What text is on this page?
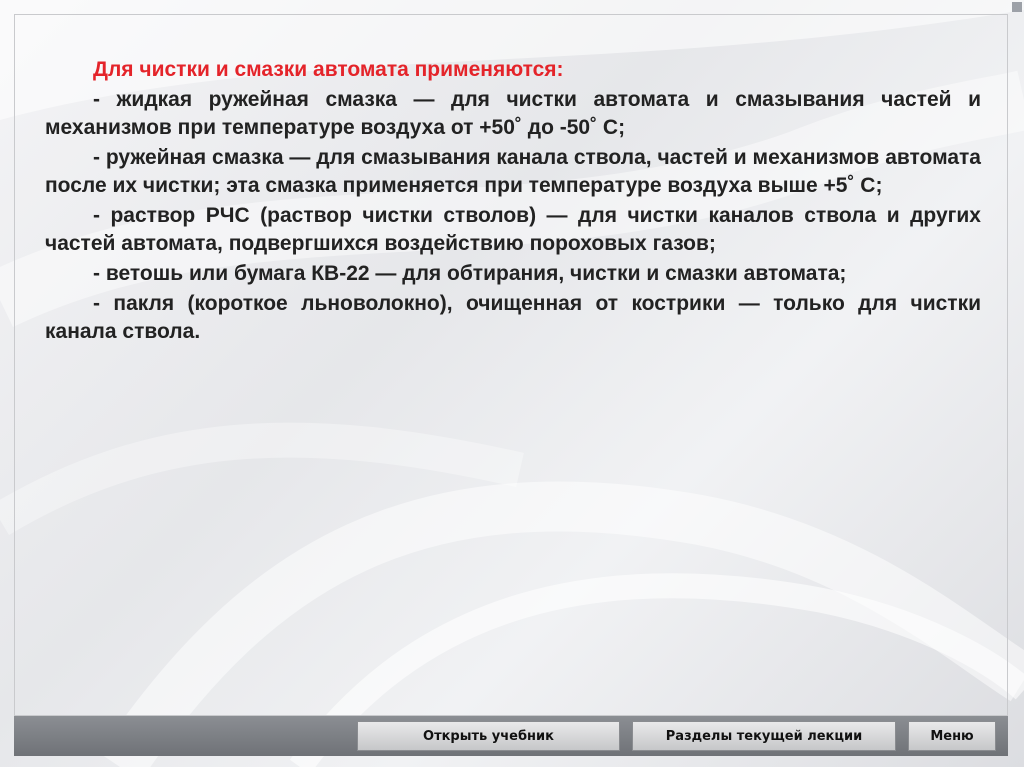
Для чистки и смазки автомата применяются:

- жидкая ружейная смазка — для чистки автомата и смазывания частей и механизмов при температуре воздуха от +50˚ до -50˚ С;

- ружейная смазка — для смазывания канала ствола, частей и механизмов автомата после их чистки; эта смазка применяется при температуре воздуха выше +5˚ С;

- раствор РЧС (раствор чистки стволов) — для чистки каналов ствола и других частей автомата, подвергшихся воздействию пороховых газов;

- ветошь или бумага КВ-22 — для обтирания, чистки и смазки автомата;

- пакля (короткое льноволокно), очищенная от кострики — только для чистки канала ствола.

Открыть учебник	Разделы текущей лекции	Меню
